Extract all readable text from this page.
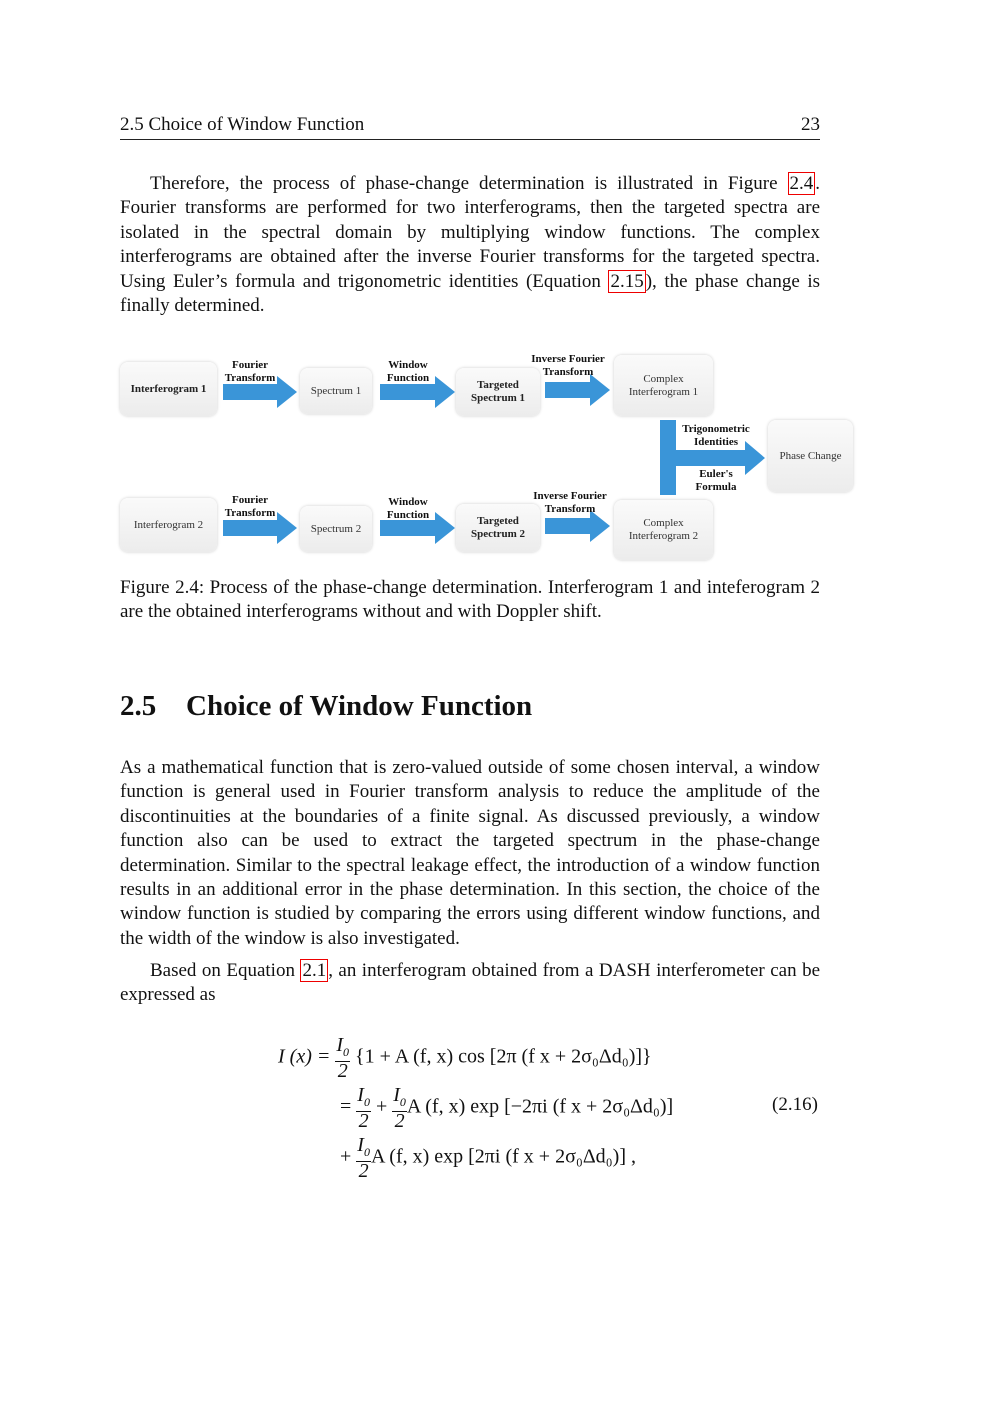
2.5 Choice of Window Function	23

Therefore, the process of phase-change determination is illustrated in Figure 2.4 . Fourier transforms are performed for two interferograms, then the targeted spectra are isolated in the spectral domain by multiplying window functions. The complex interferograms are obtained after the inverse Fourier transforms for the targeted spectra. Using Euler’s formula and trigonometric identities (Equation 2.15 ), the phase change is finally determined.

Interferogram 1	Spectrum 1	Targeted Spectrum 1
Complex Interferogram 1
Interferogram 2	Spectrum 2
Targeted Spectrum 2
Complex Interferogram 2
Phase Change
Fourier Transform
Window Function
Inverse Fourier Transform
Fourier Transform
Window Function
Inverse Fourier Transform
Trigonometric Identities
Euler's Formula
Figure 2.4: Process of the phase-change determination. Interferogram 1 and inteferogram 2 are the obtained interferograms without and with Doppler shift.
2.5 Choice of Window Function

As a mathematical function that is zero-valued outside of some chosen interval, a window function is general used in Fourier transform analysis to reduce the amplitude of the discontinuities at the boundaries of a finite signal. As discussed previously, a window function also can be used to extract the targeted spectrum in the phase-change determination. Similar to the spectral leakage effect, the introduction of a window function results in an additional error in the phase determination. In this section, the choice of the window function is studied by comparing the errors using different window functions, and the width of the window is also investigated.

Based on Equation 2.1 , an interferogram obtained from a DASH interferometer can be expressed as

I $(x) = \frac{I_0}{2} \{1 + A$ (f, x) cos [2π (f x + 2σ₀Δd₀)]}
= $\frac{I_0}{2} + \frac{I_0}{2}$ A (f, x) exp [−2πi (f x + 2σ₀Δd₀)]
+ $\frac{I_0}{2}$ A (f, x) exp [2πi (f x + 2σ₀Δd₀)] ,
(2.16)
